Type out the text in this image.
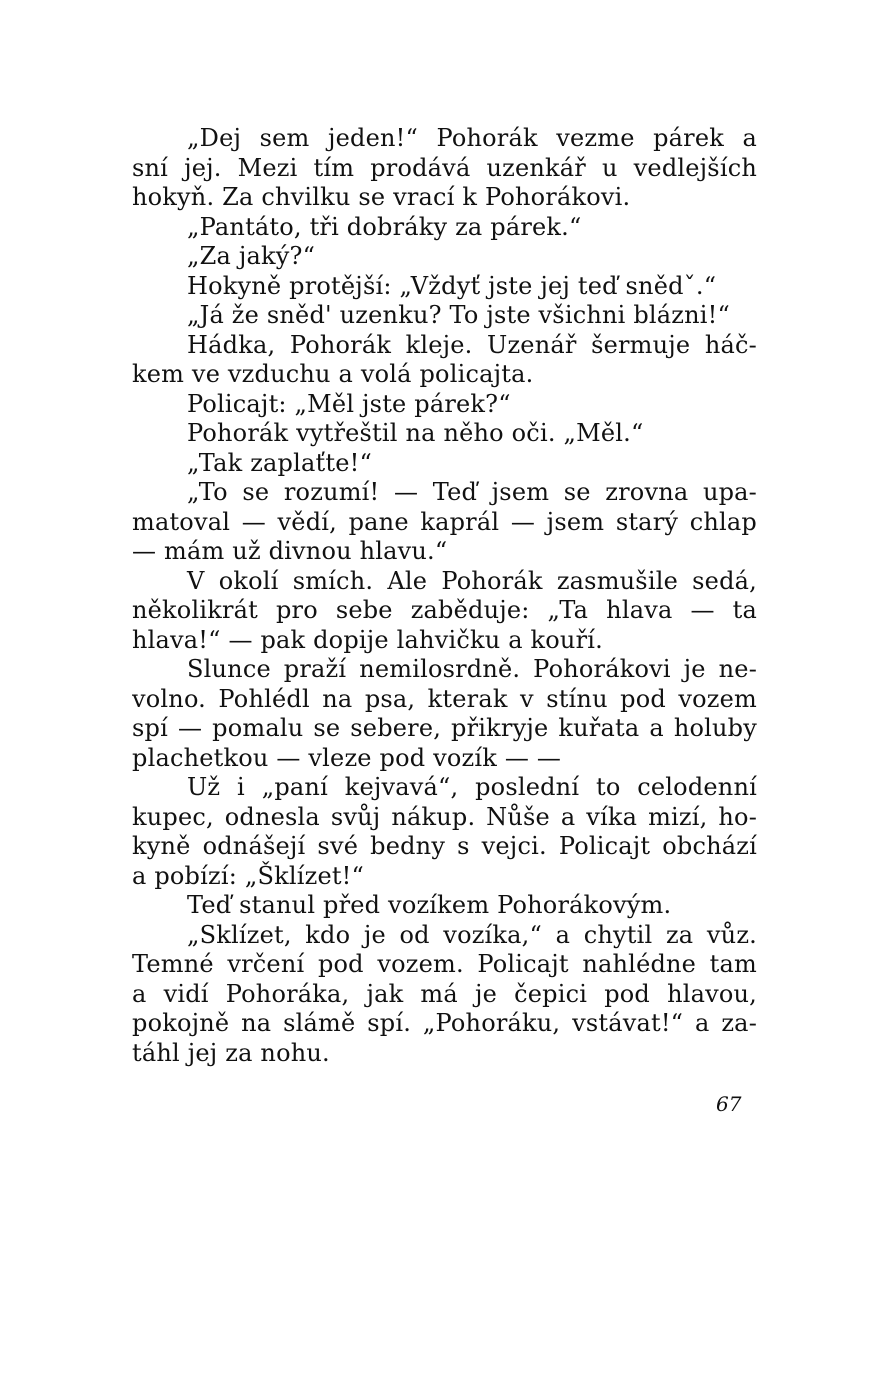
„Dej sem jeden!“ Pohorák vezme párek a
sní jej. Mezi tím prodává uzenkář u vedlejších
hokyň. Za chvilku se vrací k Pohorákovi.
„Pantáto, tři dobráky za párek.“
„Za jaký?“
Hokyně protější: „Vždyť jste jej teď snědˇ.“
„Já že sněd' uzenku? To jste všichni blázni!“
Hádka, Pohorák kleje. Uzenář šermuje háč-
kem ve vzduchu a volá policajta.
Policajt: „Měl jste párek?“
Pohorák vytřeštil na něho oči. „Měl.“
„Tak zaplaťte!“
„To se rozumí! — Teď jsem se zrovna upa-
matoval — vědí, pane kaprál — jsem starý chlap
— mám už divnou hlavu.“
V okolí smích. Ale Pohorák zasmušile sedá,
několikrát pro sebe zaběduje: „Ta hlava — ta
hlava!“ — pak dopije lahvičku a kouří.
Slunce praží nemilosrdně. Pohorákovi je ne-
volno. Pohlédl na psa, kterak v stínu pod vozem
spí — pomalu se sebere, přikryje kuřata a holuby
plachetkou — vleze pod vozík — —
Už i „paní kejvavá“, poslední to celodenní
kupec, odnesla svůj nákup. Nůše a víka mizí, ho-
kyně odnášejí své bedny s vejci. Policajt obchází
a pobízí: „Šklízet!“
Teď stanul před vozíkem Pohorákovým.
„Sklízet, kdo je od vozíka,“ a chytil za vůz.
Temné vrčení pod vozem. Policajt nahlédne tam
a vidí Pohoráka, jak má je čepici pod hlavou,
pokojně na slámě spí. „Pohoráku, vstávat!“ a za-
táhl jej za nohu.
67
